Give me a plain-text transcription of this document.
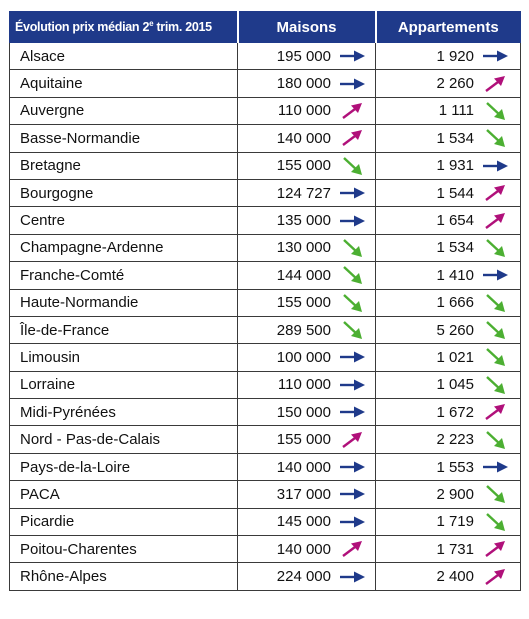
Évolution prix médian 2e trim. 2015	Maisons	Appartements
Alsace	195 000	1 920

Aquitaine	180 000	2 260

Auvergne	110 000	1 111

Basse-Normandie	140 000	1 534

Bretagne	155 000	1 931

Bourgogne	124 727	1 544

Centre	135 000	1 654

Champagne-Ardenne	130 000	1 534

Franche-Comté	144 000	1 410

Haute-Normandie	155 000	1 666

Île-de-France	289 500	5 260

Limousin	100 000	1 021

Lorraine	110 000	1 045

Midi-Pyrénées	150 000	1 672

Nord - Pas-de-Calais	155 000	2 223

Pays-de-la-Loire	140 000	1 553

PACA	317 000	2 900

Picardie	145 000	1 719

Poitou-Charentes	140 000	1 731

Rhône-Alpes	224 000	2 400
